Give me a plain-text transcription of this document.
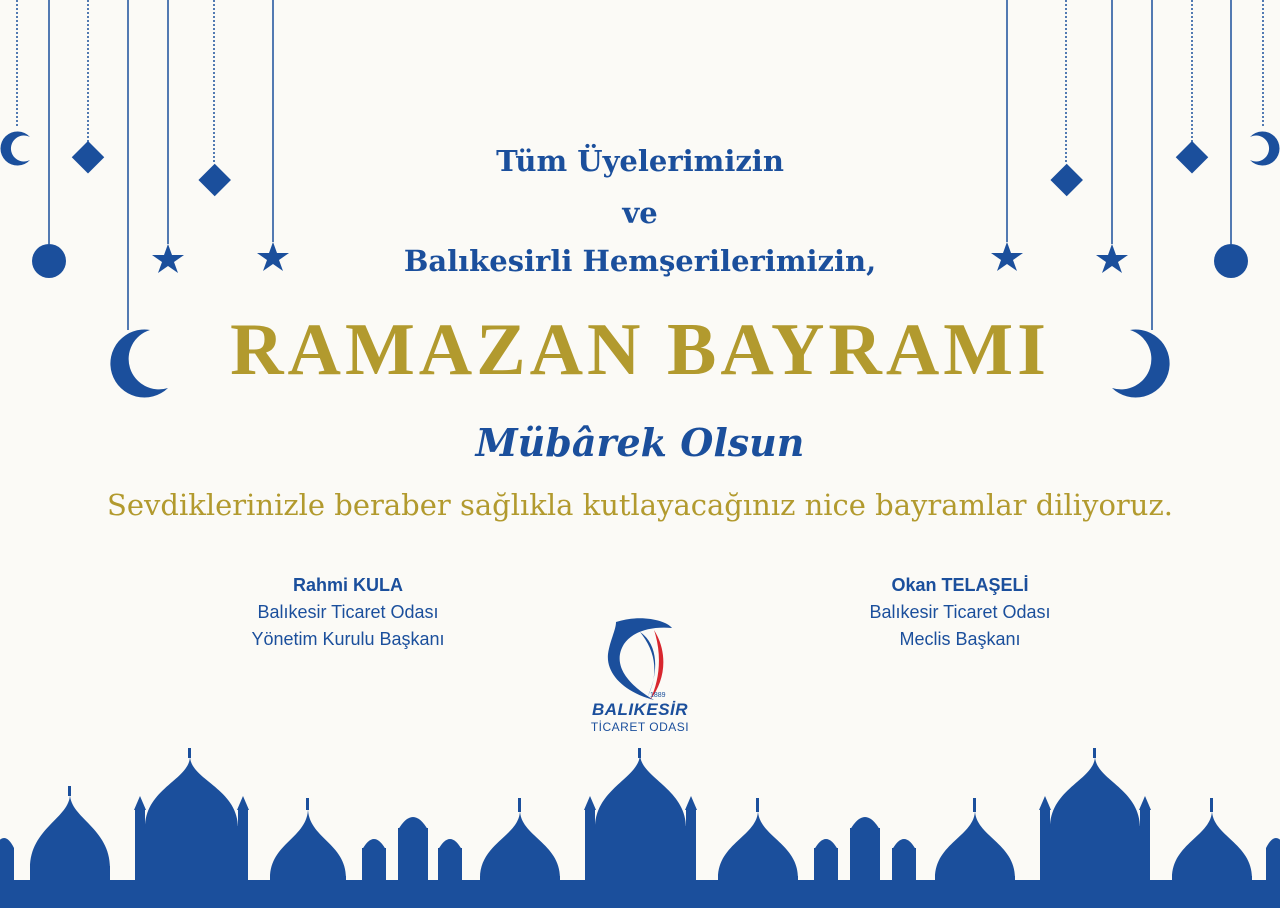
Tüm Üyelerimizin
ve
Balıkesirli Hemşerilerimizin,
RAMAZAN BAYRAMI
Mübârek Olsun
Sevdiklerinizle beraber sağlıkla kutlayacağınız nice bayramlar diliyoruz.
Rahmi KULA
Balıkesir Ticaret Odası
Yönetim Kurulu Başkanı
Okan TELAŞELİ
Balıkesir Ticaret Odası
Meclis Başkanı
1889
BALIKESİR
TİCARET ODASI
